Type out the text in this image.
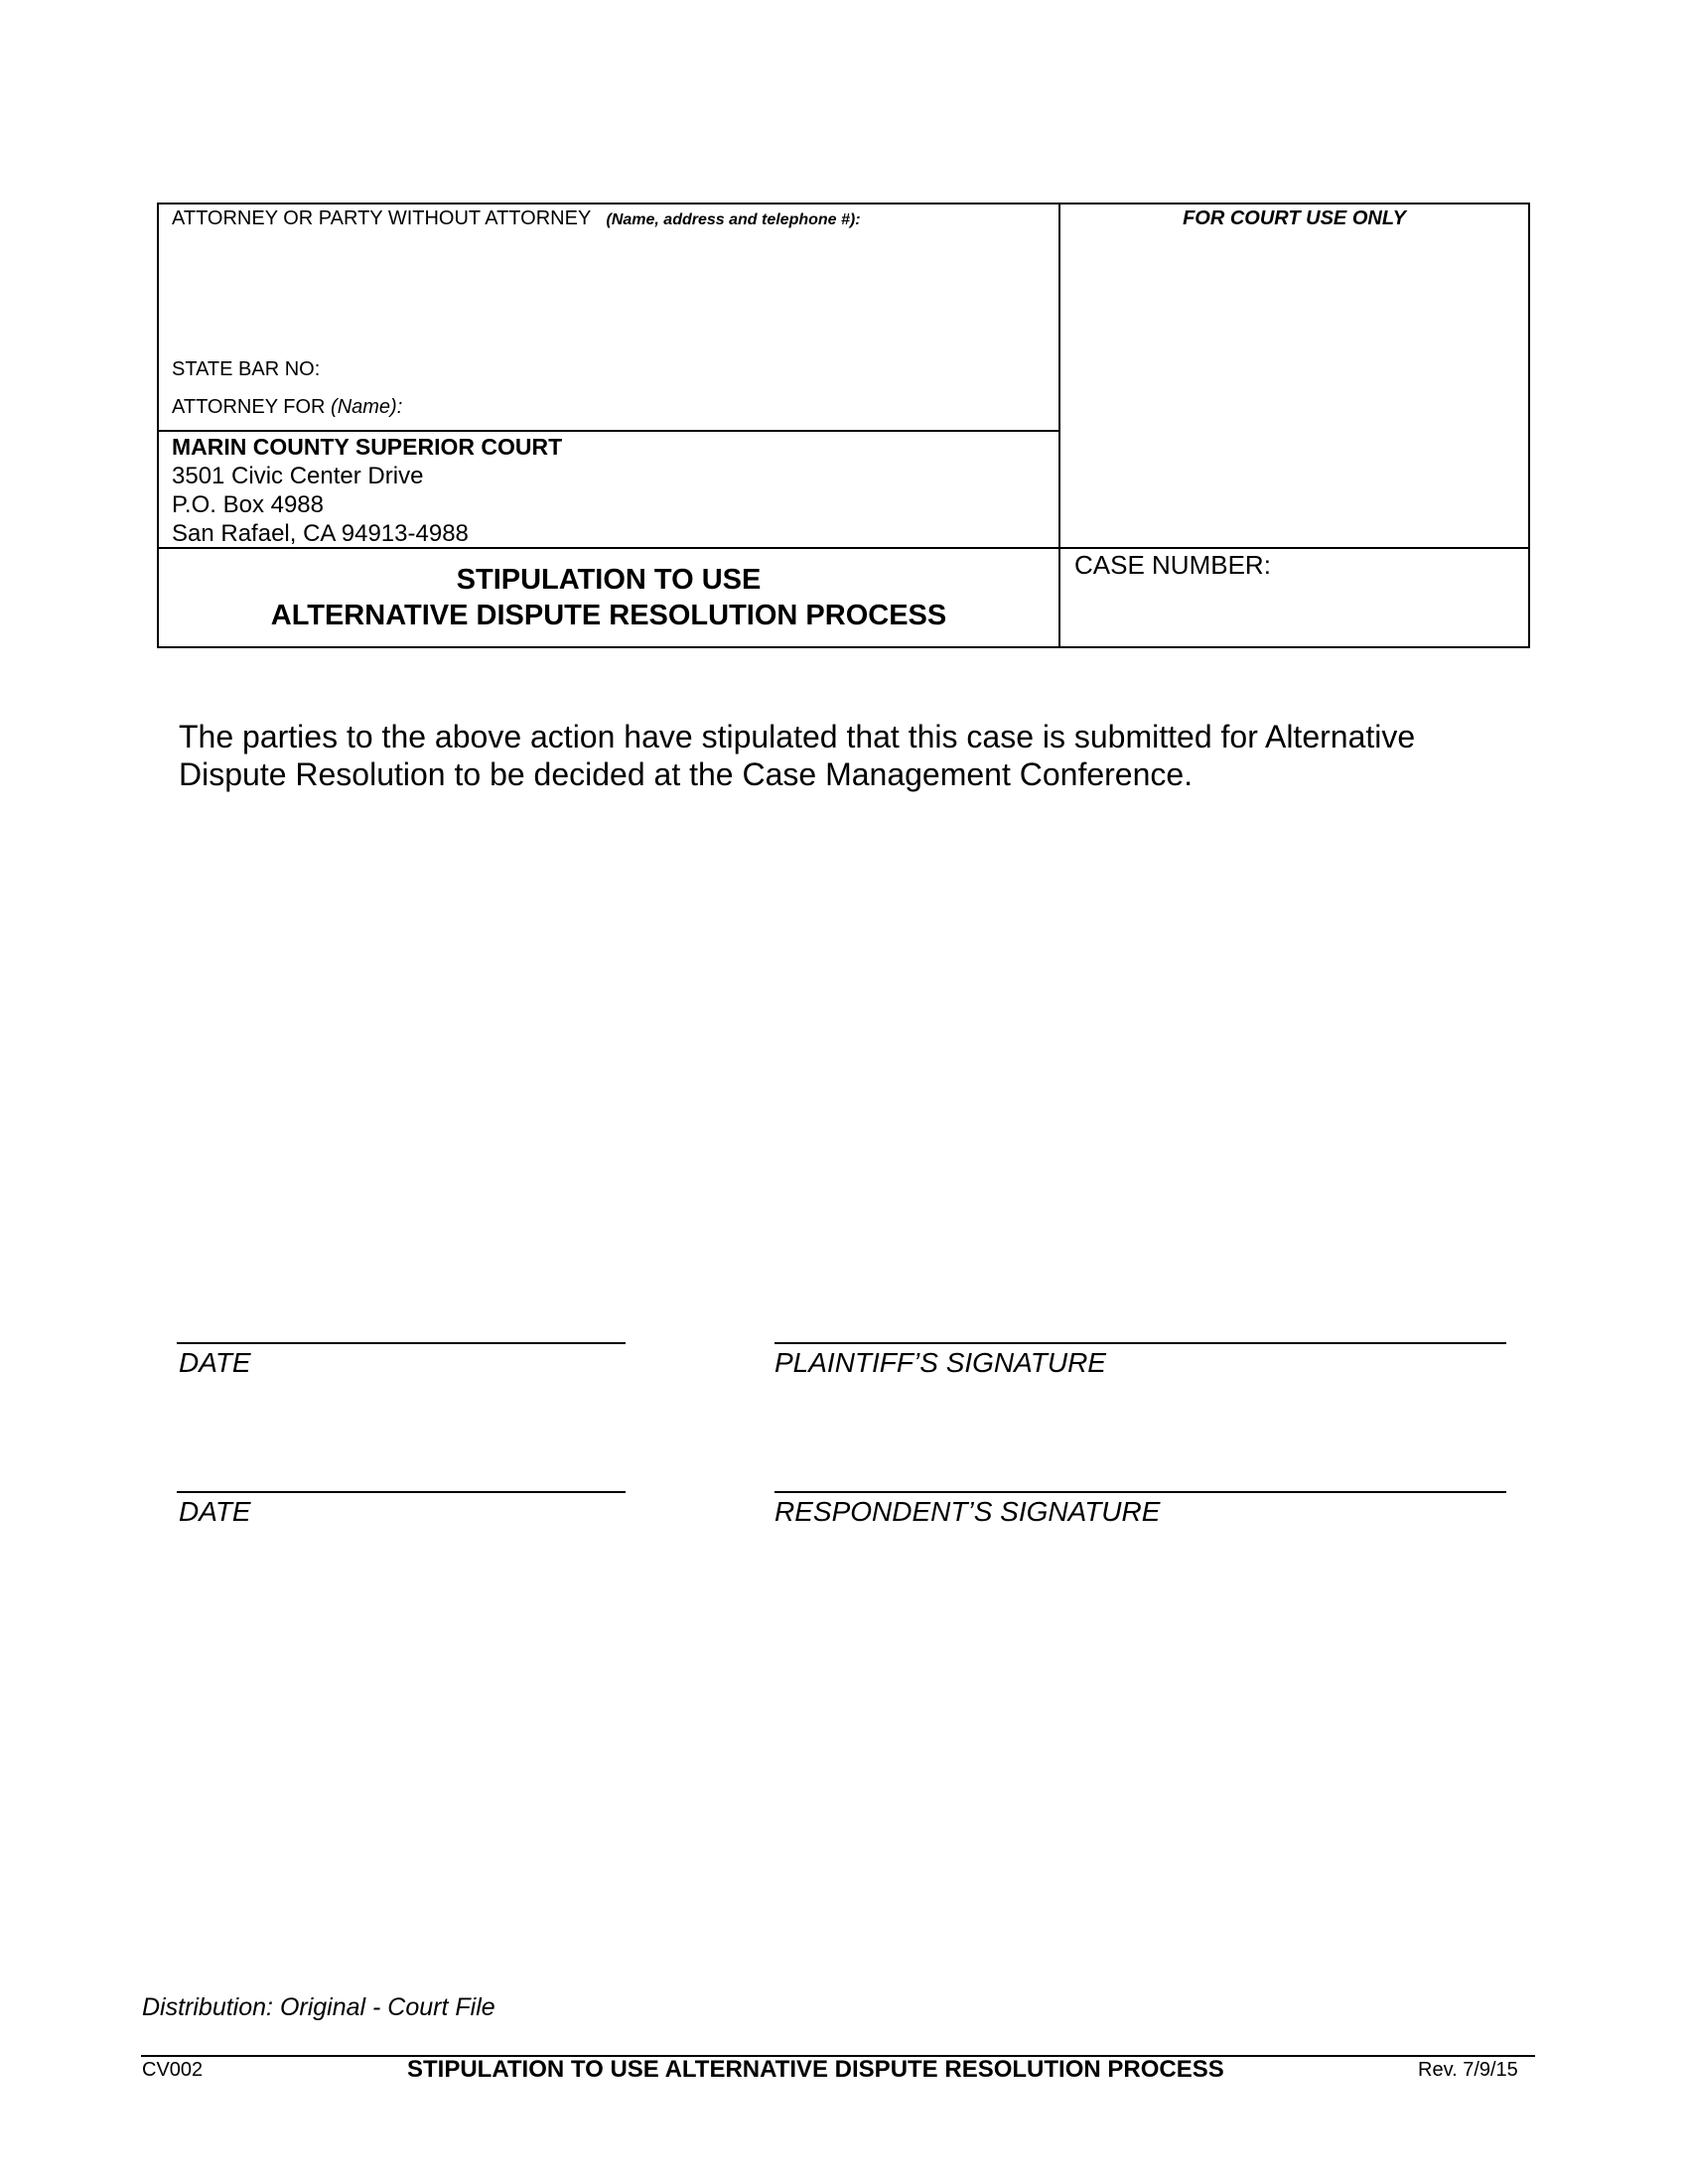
ATTORNEY OR PARTY WITHOUT ATTORNEY (Name, address and telephone #):	FOR COURT USE ONLY
STATE BAR NO:
ATTORNEY FOR (Name):
MARIN COUNTY SUPERIOR COURT
3501 Civic Center Drive
P.O. Box 4988
San Rafael, CA 94913-4988
STIPULATION TO USE
ALTERNATIVE DISPUTE RESOLUTION PROCESS
CASE NUMBER:
The parties to the above action have stipulated that this case is submitted for Alternative Dispute Resolution to be decided at the Case Management Conference.
DATE	PLAINTIFF’S SIGNATURE
DATE	RESPONDENT’S SIGNATURE
Distribution: Original - Court File
CV002	STIPULATION TO USE ALTERNATIVE DISPUTE RESOLUTION PROCESS	Rev. 7/9/15
